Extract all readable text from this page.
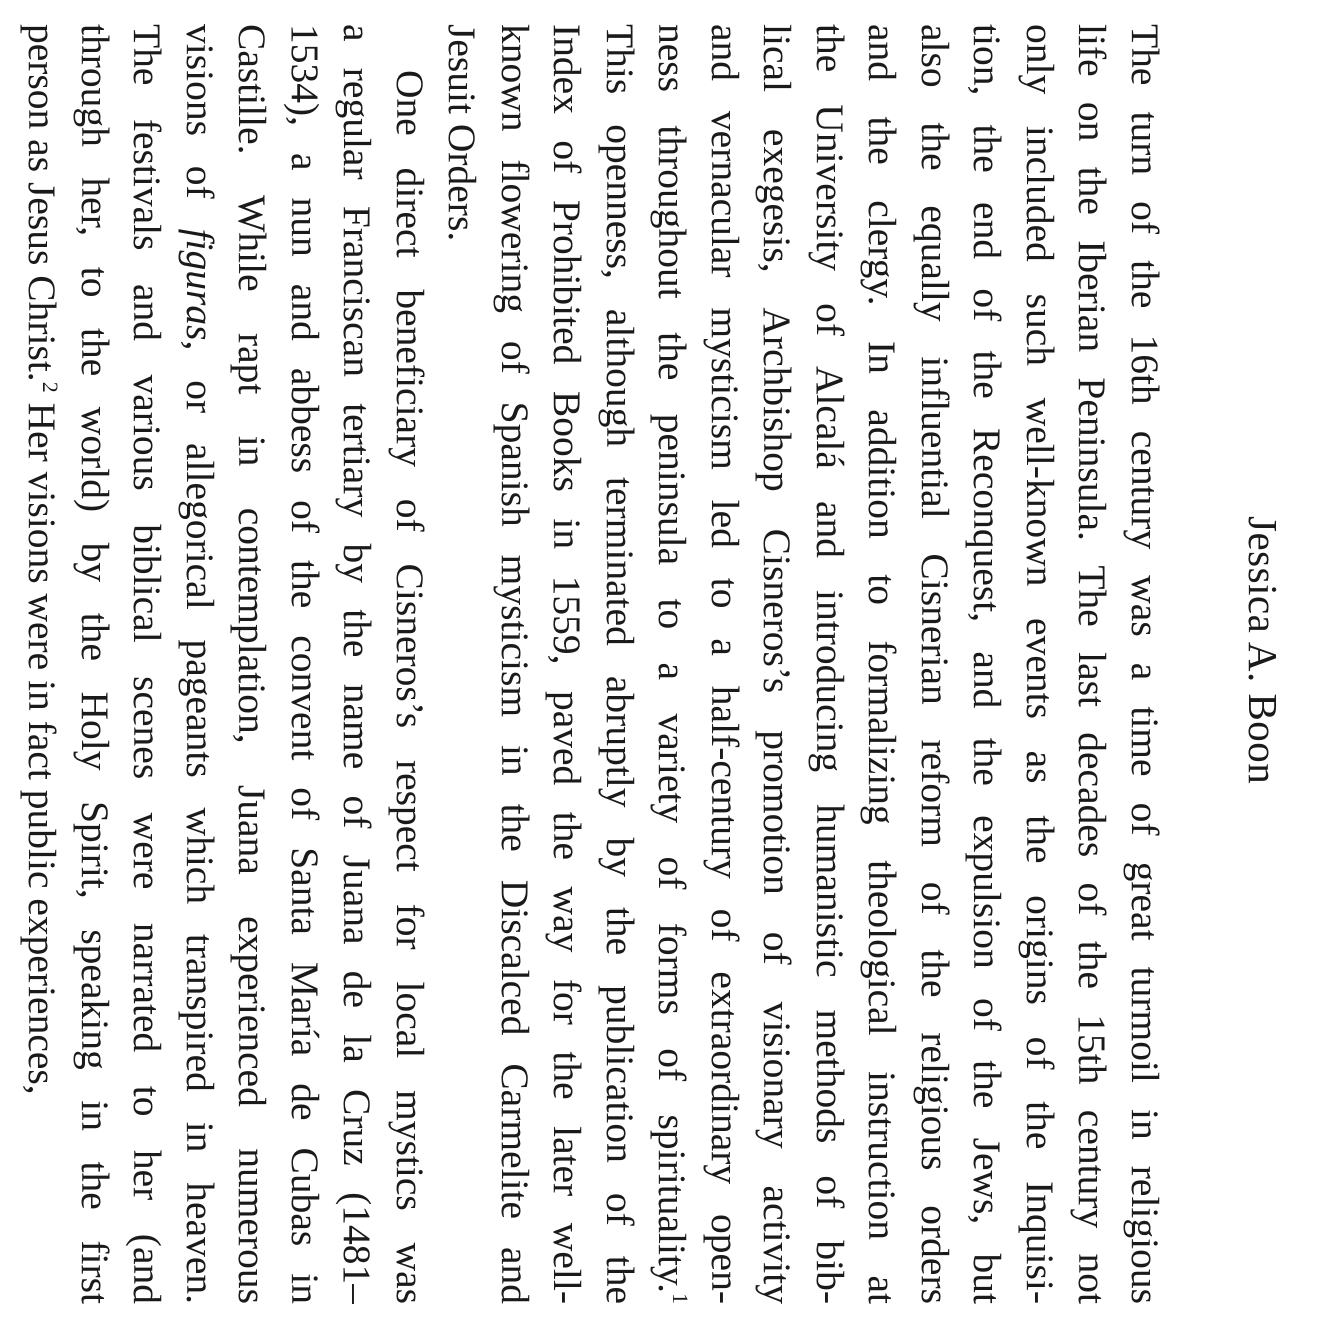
Jessica A. Boon

The turn of the 16th century was a time of great turmoil in religious
life on the Iberian Peninsula. The last decades of the 15th century not
only included such well-known events as the origins of the Inquisi-
tion, the end of the Reconquest, and the expulsion of the Jews, but
also the equally influential Cisnerian reform of the religious orders
and the clergy. In addition to formalizing theological instruction at
the University of Alcalá and introducing humanistic methods of bib-
lical exegesis, Archbishop Cisneros’s promotion of visionary activity
and vernacular mysticism led to a half-century of extraordinary open-
ness throughout the peninsula to a variety of forms of spirituality.$^1$
This openness, although terminated abruptly by the publication of the
Index of Prohibited Books in 1559, paved the way for the later well-
known flowering of Spanish mysticism in the Discalced Carmelite and
Jesuit Orders.
One direct beneficiary of Cisneros’s respect for local mystics was
a regular Franciscan tertiary by the name of Juana de la Cruz (1481–
1534), a nun and abbess of the convent of Santa María de Cubas in
Castille. While rapt in contemplation, Juana experienced numerous
visions of figuras, or allegorical pageants which transpired in heaven.
The festivals and various biblical scenes were narrated to her (and
through her, to the world) by the Holy Spirit, speaking in the first
person as Jesus Christ.$^2$ Her visions were in fact public experiences,
